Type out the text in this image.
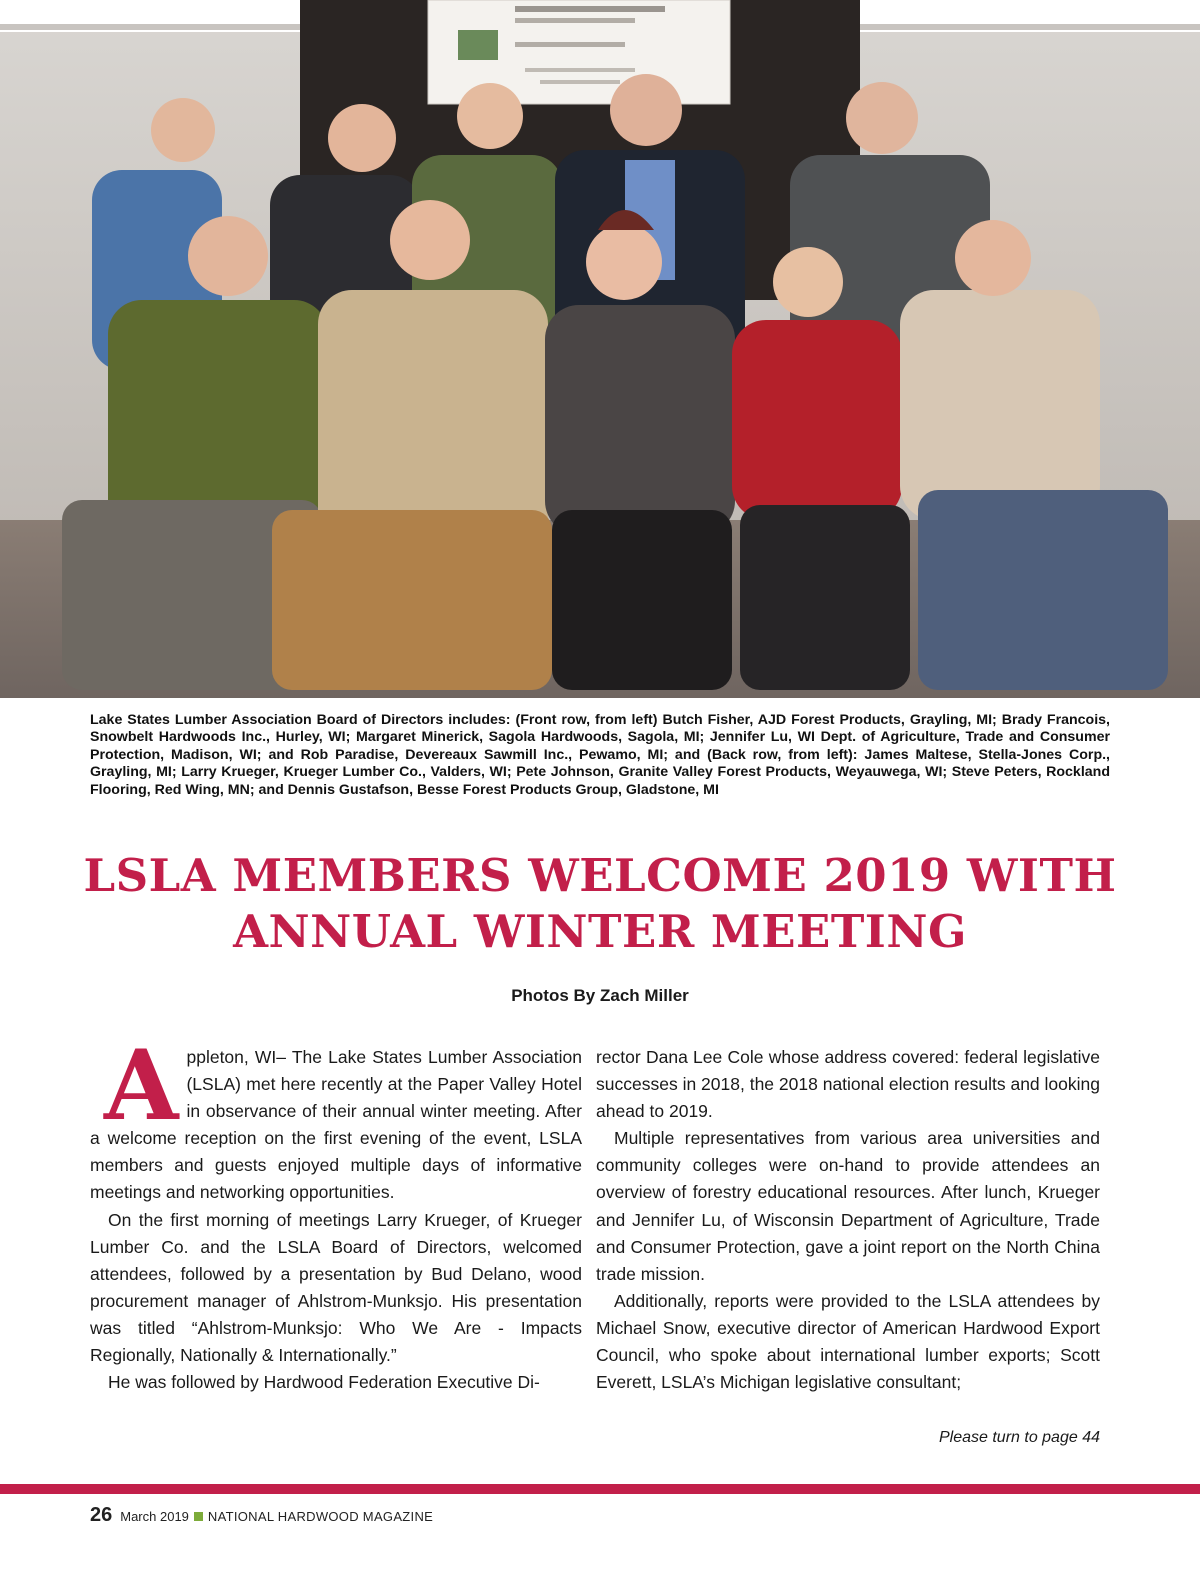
Lake States Lumber Association Board of Directors includes: (Front row, from left) Butch Fisher, AJD Forest Products, Grayling, MI; Brady Francois, Snowbelt Hardwoods Inc., Hurley, WI; Margaret Minerick, Sagola Hardwoods, Sagola, MI; Jennifer Lu, WI Dept. of Agriculture, Trade and Consumer Protection, Madison, WI; and Rob Paradise, Devereaux Sawmill Inc., Pewamo, MI; and (Back row, from left): James Maltese, Stella-Jones Corp., Grayling, MI; Larry Krueger, Krueger Lumber Co., Valders, WI; Pete Johnson, Granite Valley Forest Products, Weyauwega, WI; Steve Peters, Rockland Flooring, Red Wing, MN; and Dennis Gustafson, Besse Forest Products Group, Gladstone, MI
LSLA MEMBERS WELCOME 2019 WITH
ANNUAL WINTER MEETING
Photos By Zach Miller

Appleton, WI– The Lake States Lumber Association (LSLA) met here recently at the Paper Valley Hotel in observance of their annual winter meeting. After a welcome reception on the first evening of the event, LSLA members and guests enjoyed multiple days of informative meetings and networking opportunities.

On the first morning of meetings Larry Krueger, of Krueger Lumber Co. and the LSLA Board of Directors, welcomed attendees, followed by a presentation by Bud Delano, wood procurement manager of Ahlstrom-Munksjo. His presentation was titled “Ahlstrom-Munksjo: Who We Are - Impacts Regionally, Nationally & Internationally.”

He was followed by Hardwood Federation Executive Di-

rector Dana Lee Cole whose address covered: federal legislative successes in 2018, the 2018 national election results and looking ahead to 2019.

Multiple representatives from various area universities and community colleges were on-hand to provide attendees an overview of forestry educational resources. After lunch, Krueger and Jennifer Lu, of Wisconsin Department of Agriculture, Trade and Consumer Protection, gave a joint report on the North China trade mission.

Additionally, reports were provided to the LSLA attendees by Michael Snow, executive director of American Hardwood Export Council, who spoke about international lumber exports; Scott Everett, LSLA’s Michigan legislative consultant;

Please turn to page 44
26 March 2019 NATIONAL HARDWOOD MAGAZINE
